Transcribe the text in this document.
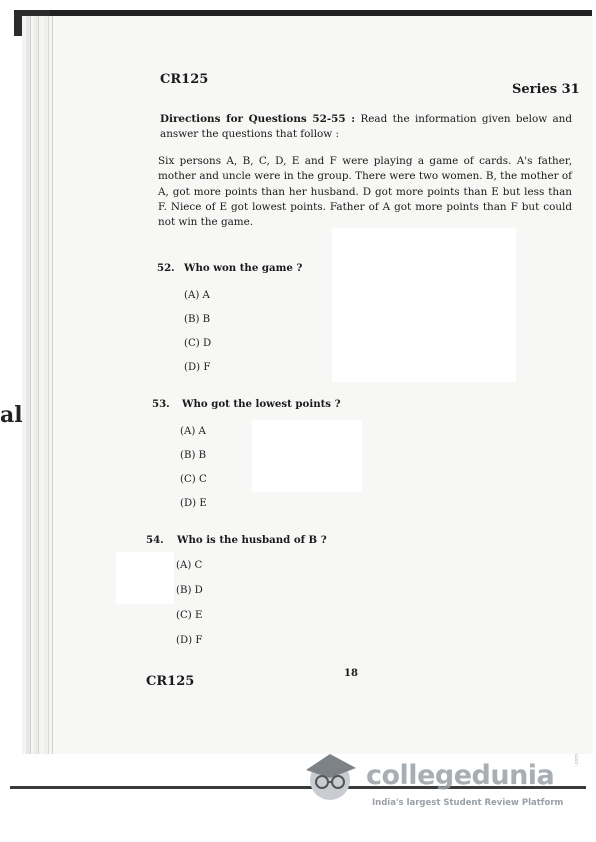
al
CR125
Series 31
Directions for Questions 52-55 : Read the information given below and answer the questions that follow :
Six persons A, B, C, D, E and F were playing a game of cards. A's father, mother and uncle were in the group. There were two women. B, the mother of A, got more points than her husband. D got more points than E but less than F. Niece of E got lowest points. Father of A got more points than F but could not win the game.
52. Who won the game ?
(A) A
(B) B
(C) D
(D) F
53. Who got the lowest points ?
(A) A
(B) B
(C) C
(D) E
54. Who is the husband of B ?
(A) C
(B) D
(C) E
(D) F
18
CR125
collegedunia
India's largest Student Review Platform
.com
